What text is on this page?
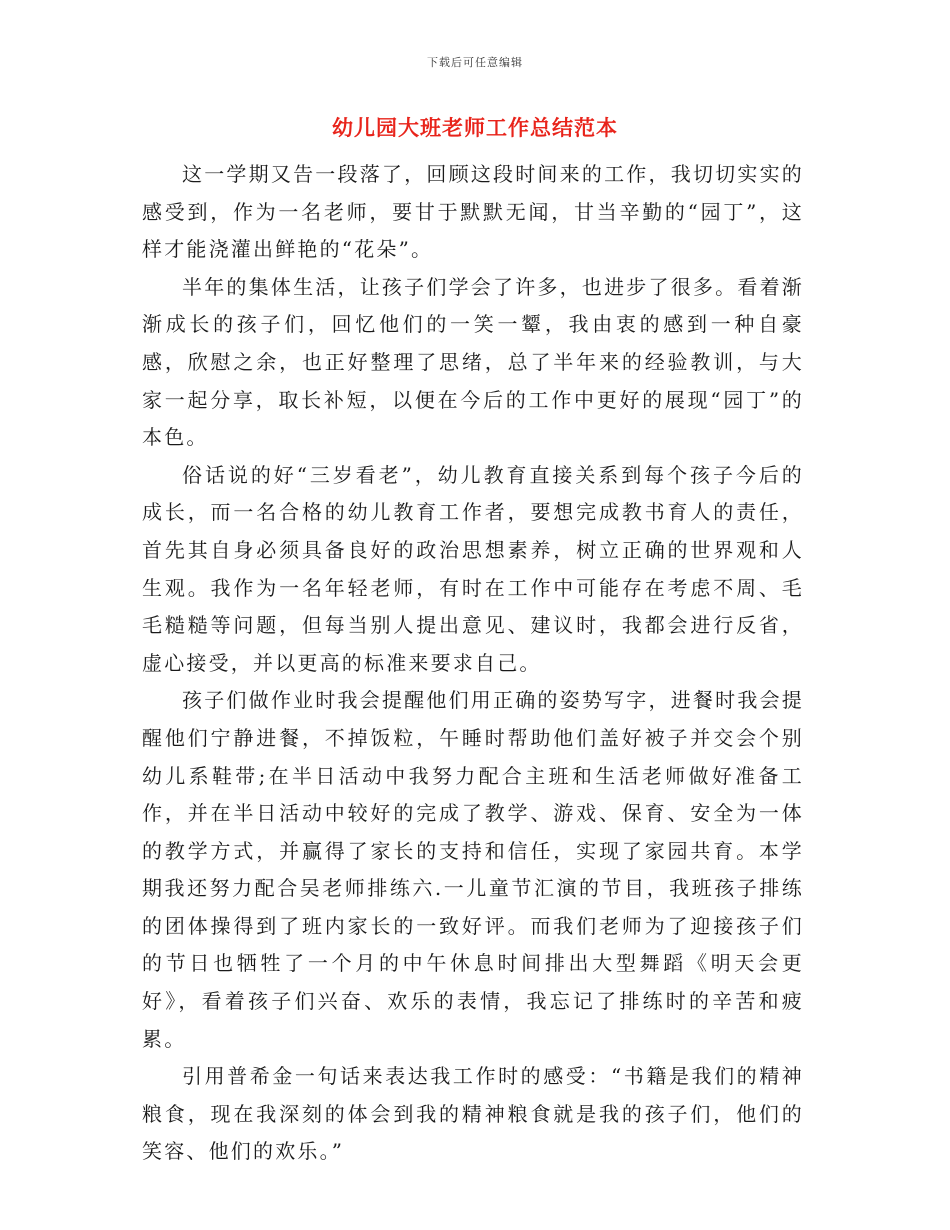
下载后可任意编辑
幼儿园大班老师工作总结范本

这一学期又告一段落了，回顾这段时间来的工作，我切切实实的感受到，作为一名老师，要甘于默默无闻，甘当辛勤的“园丁”，这样才能浇灌出鲜艳的“花朵”。

半年的集体生活，让孩子们学会了许多，也进步了很多。看着渐渐成长的孩子们，回忆他们的一笑一颦，我由衷的感到一种自豪感，欣慰之余，也正好整理了思绪，总了半年来的经验教训，与大家一起分享，取长补短，以便在今后的工作中更好的展现“园丁”的本色。

俗话说的好“三岁看老”，幼儿教育直接关系到每个孩子今后的成长，而一名合格的幼儿教育工作者，要想完成教书育人的责任，首先其自身必须具备良好的政治思想素养，树立正确的世界观和人生观。我作为一名年轻老师，有时在工作中可能存在考虑不周、毛毛糙糙等问题，但每当别人提出意见、建议时，我都会进行反省，虚心接受，并以更高的标准来要求自己。

孩子们做作业时我会提醒他们用正确的姿势写字，进餐时我会提醒他们宁静进餐，不掉饭粒，午睡时帮助他们盖好被子并交会个别幼儿系鞋带;在半日活动中我努力配合主班和生活老师做好准备工作，并在半日活动中较好的完成了教学、游戏、保育、安全为一体的教学方式，并赢得了家长的支持和信任，实现了家园共育。本学期我还努力配合吴老师排练六.一儿童节汇演的节目，我班孩子排练的团体操得到了班内家长的一致好评。而我们老师为了迎接孩子们的节日也牺牲了一个月的中午休息时间排出大型舞蹈《明天会更好》，看着孩子们兴奋、欢乐的表情，我忘记了排练时的辛苦和疲累。

引用普希金一句话来表达我工作时的感受：“书籍是我们的精神粮食，现在我深刻的体会到我的精神粮食就是我的孩子们，他们的笑容、他们的欢乐。”
